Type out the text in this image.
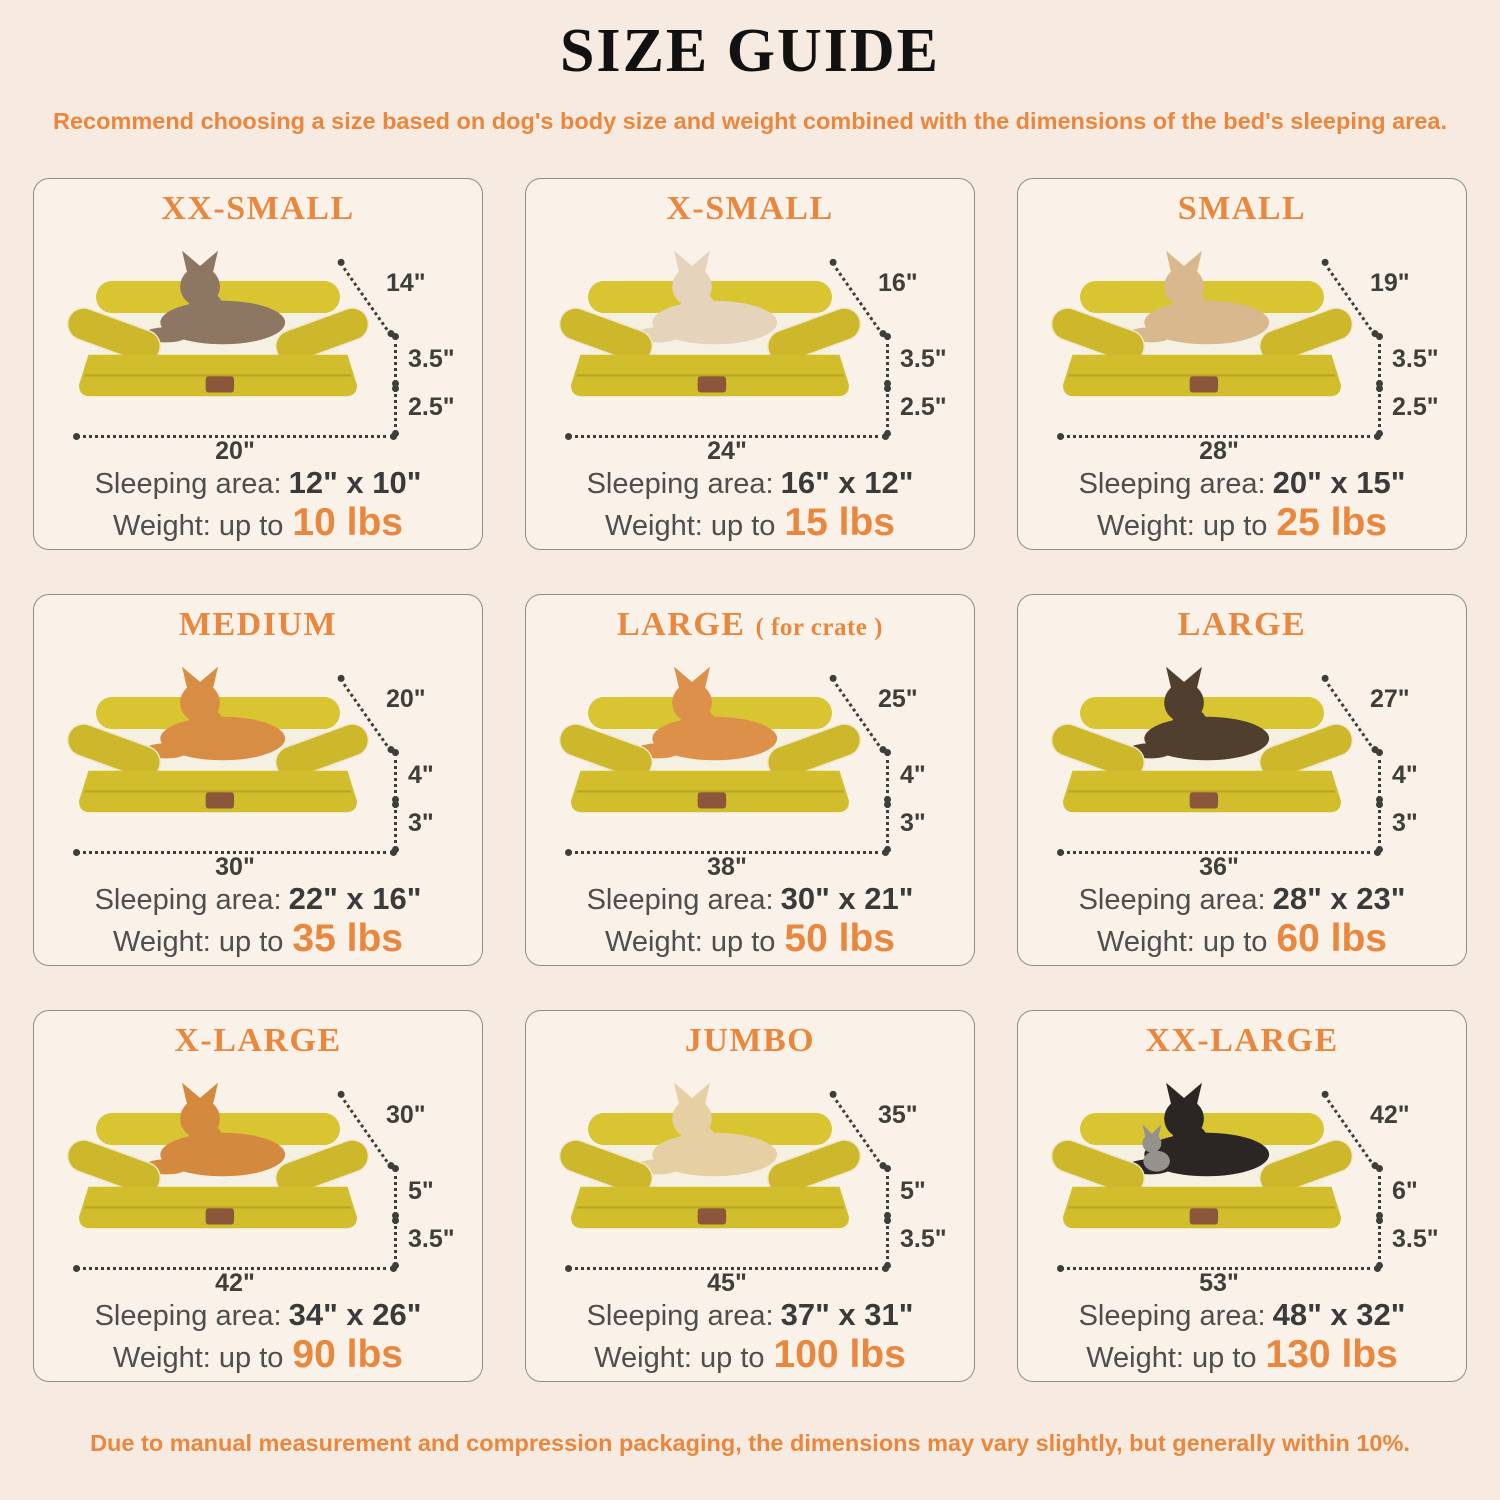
SIZE GUIDE

Recommend choosing a size based on dog's body size and weight combined with the dimensions of the bed's sleeping area.

XX-SMALL
14"
3.5"
2.5"
20"

Sleeping area: 12" x 10"

Weight: up to 10 lbs

X-SMALL
16"
3.5"
2.5"
24"

Sleeping area: 16" x 12"

Weight: up to 15 lbs

SMALL
19"
3.5"
2.5"
28"

Sleeping area: 20" x 15"

Weight: up to 25 lbs

MEDIUM
20"
4"
3"
30"

Sleeping area: 22" x 16"

Weight: up to 35 lbs

LARGE ( for crate )
25"
4"
3"
38"

Sleeping area: 30" x 21"

Weight: up to 50 lbs

LARGE
27"
4"
3"
36"

Sleeping area: 28" x 23"

Weight: up to 60 lbs

X-LARGE
30"
5"
3.5"
42"

Sleeping area: 34" x 26"

Weight: up to 90 lbs

JUMBO
35"
5"
3.5"
45"

Sleeping area: 37" x 31"

Weight: up to 100 lbs

XX-LARGE
42"
6"
3.5"
53"

Sleeping area: 48" x 32"

Weight: up to 130 lbs

Due to manual measurement and compression packaging, the dimensions may vary slightly, but generally within 10%.
